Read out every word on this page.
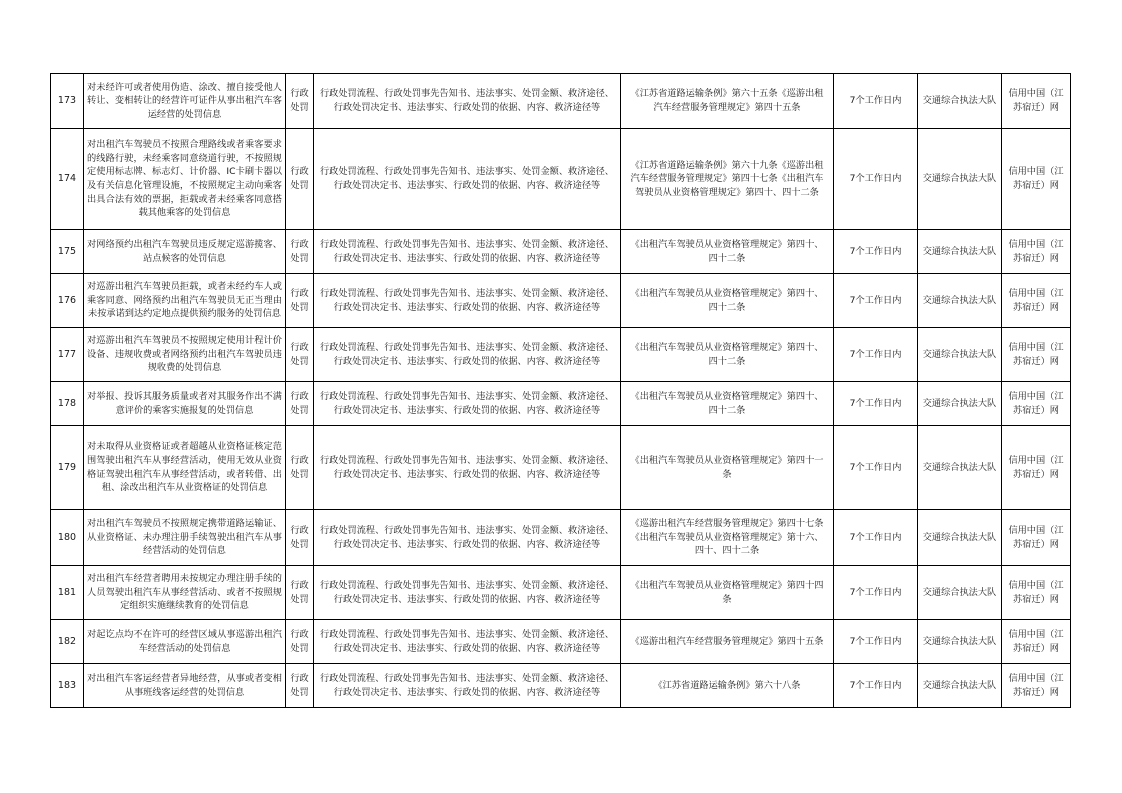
173	对未经许可或者使用伪造、涂改、擅自接受他人转让、变相转让的经营许可证件从事出租汽车客运经营的处罚信息	行政处罚	行政处罚流程、行政处罚事先告知书、违法事实、处罚金额、救济途径、行政处罚决定书、违法事实、行政处罚的依据、内容、救济途径等	《江苏省道路运输条例》第六十五条《巡游出租汽车经营服务管理规定》第四十五条	7个工作日内	交通综合执法大队	信用中国（江苏宿迁）网
174	对出租汽车驾驶员不按照合理路线或者乘客要求的线路行驶，未经乘客同意绕道行驶，不按照规定使用标志牌、标志灯、计价器、IC卡刷卡器以及有关信息化管理设施，不按照规定主动向乘客出具合法有效的票据，拒载或者未经乘客同意搭载其他乘客的处罚信息	行政处罚	行政处罚流程、行政处罚事先告知书、违法事实、处罚金额、救济途径、行政处罚决定书、违法事实、行政处罚的依据、内容、救济途径等	《江苏省道路运输条例》第六十九条《巡游出租汽车经营服务管理规定》第四十七条《出租汽车驾驶员从业资格管理规定》第四十、四十二条	7个工作日内	交通综合执法大队	信用中国（江苏宿迁）网
175	对网络预约出租汽车驾驶员违反规定巡游揽客、站点候客的处罚信息	行政处罚	行政处罚流程、行政处罚事先告知书、违法事实、处罚金额、救济途径、行政处罚决定书、违法事实、行政处罚的依据、内容、救济途径等	《出租汽车驾驶员从业资格管理规定》第四十、四十二条	7个工作日内	交通综合执法大队	信用中国（江苏宿迁）网
176	对巡游出租汽车驾驶员拒载，或者未经约车人或乘客同意、网络预约出租汽车驾驶员无正当理由未按承诺到达约定地点提供预约服务的处罚信息	行政处罚	行政处罚流程、行政处罚事先告知书、违法事实、处罚金额、救济途径、行政处罚决定书、违法事实、行政处罚的依据、内容、救济途径等	《出租汽车驾驶员从业资格管理规定》第四十、四十二条	7个工作日内	交通综合执法大队	信用中国（江苏宿迁）网
177	对巡游出租汽车驾驶员不按照规定使用计程计价设备、违规收费或者网络预约出租汽车驾驶员违规收费的处罚信息	行政处罚	行政处罚流程、行政处罚事先告知书、违法事实、处罚金额、救济途径、行政处罚决定书、违法事实、行政处罚的依据、内容、救济途径等	《出租汽车驾驶员从业资格管理规定》第四十、四十二条	7个工作日内	交通综合执法大队	信用中国（江苏宿迁）网
178	对举报、投诉其服务质量或者对其服务作出不满意评价的乘客实施报复的处罚信息	行政处罚	行政处罚流程、行政处罚事先告知书、违法事实、处罚金额、救济途径、行政处罚决定书、违法事实、行政处罚的依据、内容、救济途径等	《出租汽车驾驶员从业资格管理规定》第四十、四十二条	7个工作日内	交通综合执法大队	信用中国（江苏宿迁）网
179	对未取得从业资格证或者超越从业资格证核定范围驾驶出租汽车从事经营活动，使用无效从业资格证驾驶出租汽车从事经营活动，或者转借、出租、涂改出租汽车从业资格证的处罚信息	行政处罚	行政处罚流程、行政处罚事先告知书、违法事实、处罚金额、救济途径、行政处罚决定书、违法事实、行政处罚的依据、内容、救济途径等	《出租汽车驾驶员从业资格管理规定》第四十一条	7个工作日内	交通综合执法大队	信用中国（江苏宿迁）网
180	对出租汽车驾驶员不按照规定携带道路运输证、从业资格证、未办理注册手续驾驶出租汽车从事经营活动的处罚信息	行政处罚	行政处罚流程、行政处罚事先告知书、违法事实、处罚金额、救济途径、行政处罚决定书、违法事实、行政处罚的依据、内容、救济途径等	《巡游出租汽车经营服务管理规定》第四十七条《出租汽车驾驶员从业资格管理规定》第十六、四十、四十二条	7个工作日内	交通综合执法大队	信用中国（江苏宿迁）网
181	对出租汽车经营者聘用未按规定办理注册手续的人员驾驶出租汽车从事经营活动、或者不按照规定组织实施继续教育的处罚信息	行政处罚	行政处罚流程、行政处罚事先告知书、违法事实、处罚金额、救济途径、行政处罚决定书、违法事实、行政处罚的依据、内容、救济途径等	《出租汽车驾驶员从业资格管理规定》第四十四条	7个工作日内	交通综合执法大队	信用中国（江苏宿迁）网
182	对起讫点均不在许可的经营区域从事巡游出租汽车经营活动的处罚信息	行政处罚	行政处罚流程、行政处罚事先告知书、违法事实、处罚金额、救济途径、行政处罚决定书、违法事实、行政处罚的依据、内容、救济途径等	《巡游出租汽车经营服务管理规定》第四十五条	7个工作日内	交通综合执法大队	信用中国（江苏宿迁）网
183	对出租汽车客运经营者异地经营，从事或者变相从事班线客运经营的处罚信息	行政处罚	行政处罚流程、行政处罚事先告知书、违法事实、处罚金额、救济途径、行政处罚决定书、违法事实、行政处罚的依据、内容、救济途径等	《江苏省道路运输条例》第六十八条	7个工作日内	交通综合执法大队	信用中国（江苏宿迁）网
